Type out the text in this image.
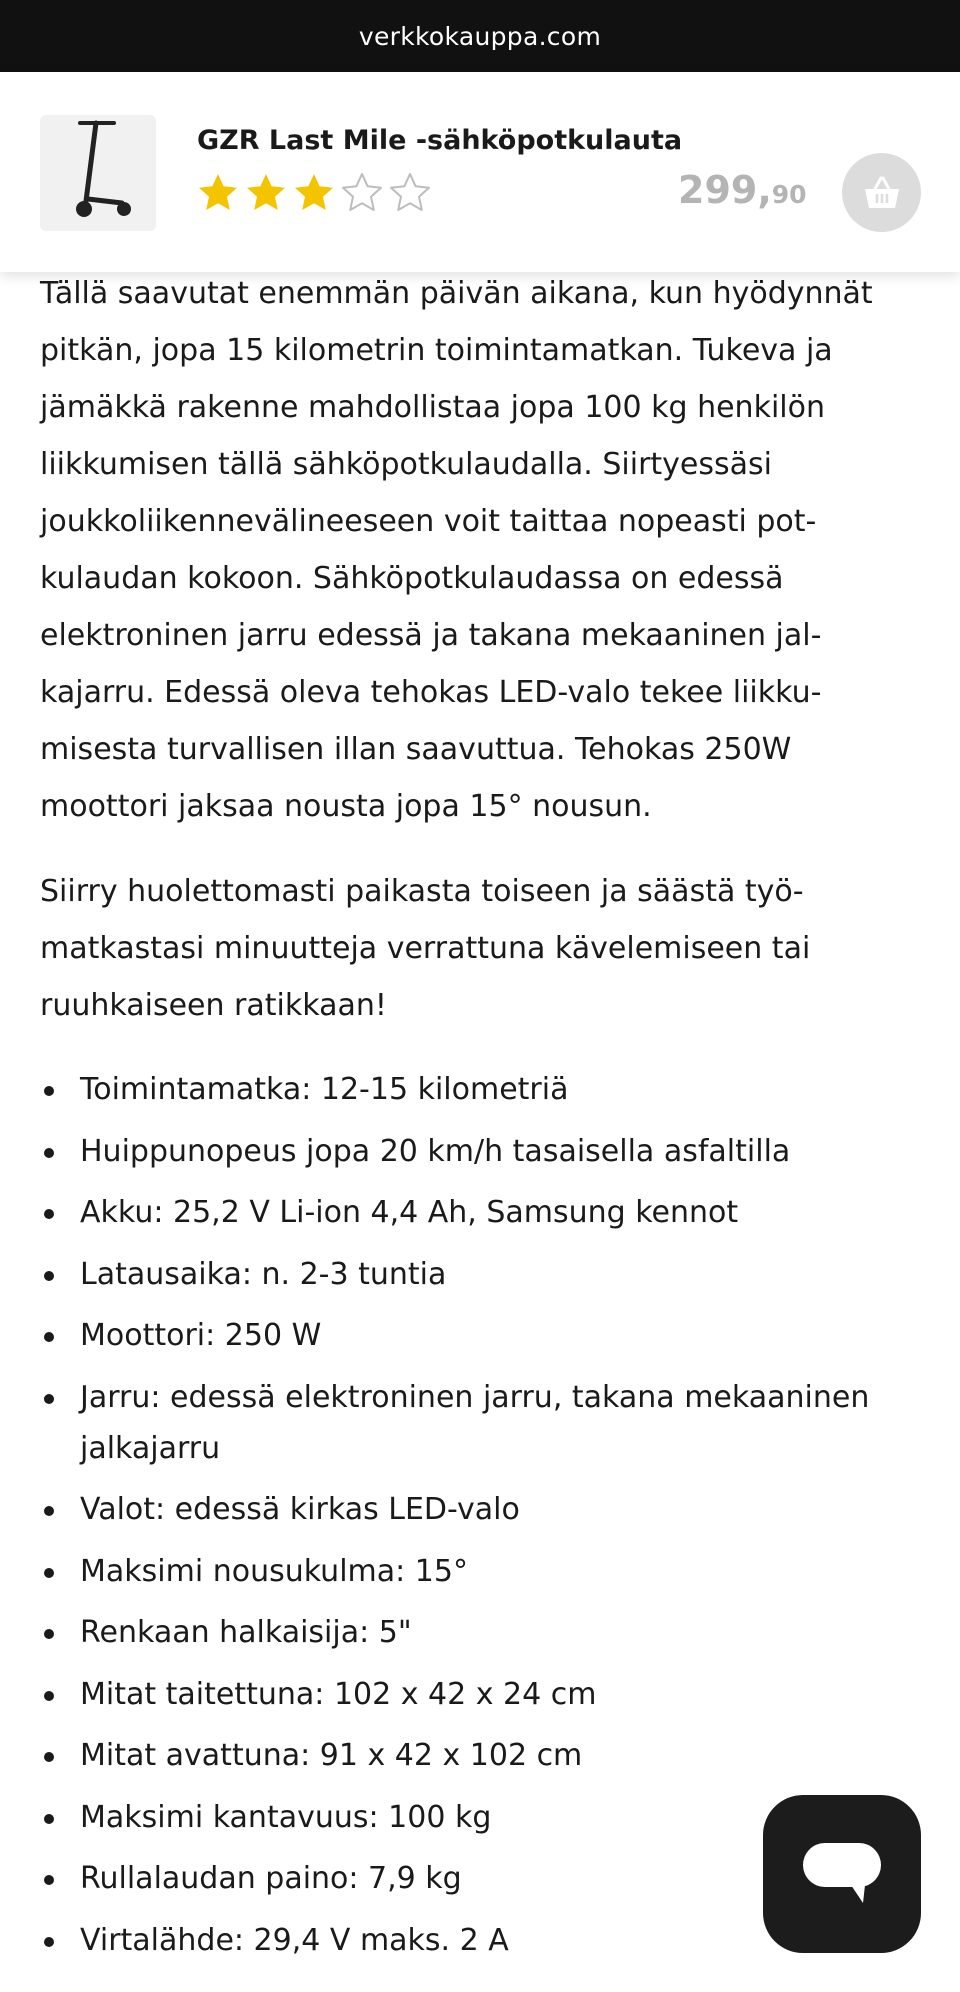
verkkokauppa.com
GZR Last Mile -sähköpotkulauta
299,90

Tällä saavutat enemmän päivän aikana, kun hyödynnät pitkän, jopa 15 kilometrin toimintamatkan. Tukeva ja jämäkkä rakenne mahdollistaa jopa 100 kg henkilön liikkumisen tällä sähköpotkulaudalla. Siirtyessäsi joukkoliikennevälineeseen voit taittaa nopeasti potkulaudan kokoon. Sähköpotkulaudassa on edessä elektroninen jarru edessä ja takana mekaaninen jalkajarru. Edessä oleva tehokas LED-valo tekee liikkumisesta turvallisen illan saavuttua. Tehokas 250W moottori jaksaa nousta jopa 15° nousun.

Siirry huolettomasti paikasta toiseen ja säästä työmatkastasi minuutteja verrattuna kävelemiseen tai ruuhkaiseen ratikkaan!

Toimintamatka: 12-15 kilometriä
Huippunopeus jopa 20 km/h tasaisella asfaltilla
Akku: 25,2 V Li-ion 4,4 Ah, Samsung kennot
Latausaika: n. 2-3 tuntia
Moottori: 250 W
Jarru: edessä elektroninen jarru, takana mekaaninen jalkajarru
Valot: edessä kirkas LED-valo
Maksimi nousukulma: 15°
Renkaan halkaisija: 5"
Mitat taitettuna: 102 x 42 x 24 cm
Mitat avattuna: 91 x 42 x 102 cm
Maksimi kantavuus: 100 kg
Rullalaudan paino: 7,9 kg
Virtalähde: 29,4 V maks. 2 A
